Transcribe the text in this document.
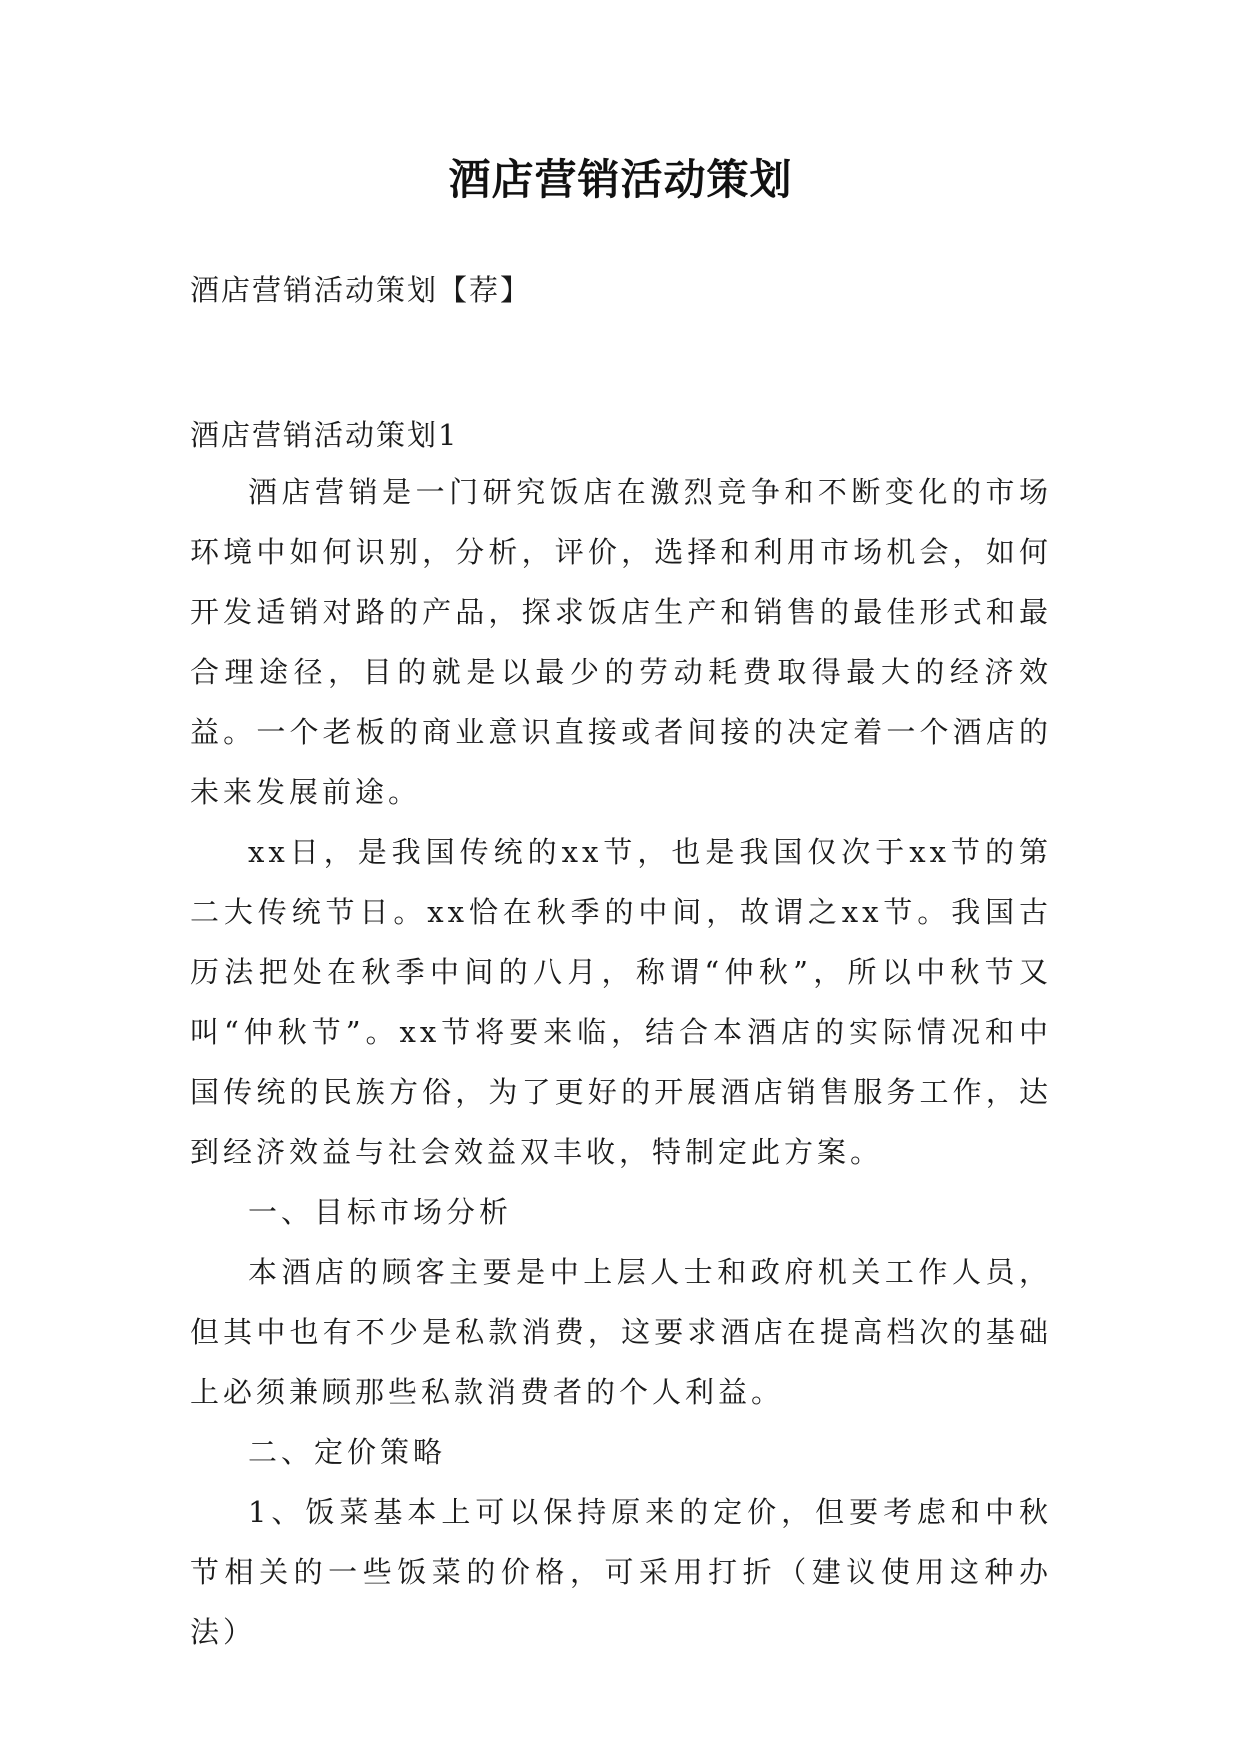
酒店营销活动策划
酒店营销活动策划【荐】
酒店营销活动策划1

酒店营销是一门研究饭店在激烈竞争和不断变化的市场环境中如何识别，分析，评价，选择和利用市场机会，如何开发适销对路的产品，探求饭店生产和销售的最佳形式和最合理途径，目的就是以最少的劳动耗费取得最大的经济效益。一个老板的商业意识直接或者间接的决定着一个酒店的未来发展前途。

xx日，是我国传统的xx节，也是我国仅次于xx节的第二大传统节日。xx恰在秋季的中间，故谓之xx节。我国古历法把处在秋季中间的八月，称谓“仲秋”，所以中秋节又叫“仲秋节”。xx节将要来临，结合本酒店的实际情况和中国传统的民族方俗，为了更好的开展酒店销售服务工作，达到经济效益与社会效益双丰收，特制定此方案。

一、目标市场分析

本酒店的顾客主要是中上层人士和政府机关工作人员，但其中也有不少是私款消费，这要求酒店在提高档次的基础上必须兼顾那些私款消费者的个人利益。

二、定价策略

1、饭菜基本上可以保持原来的定价，但要考虑和中秋节相关的一些饭菜的价格，可采用打折（建议使用这种办法）
